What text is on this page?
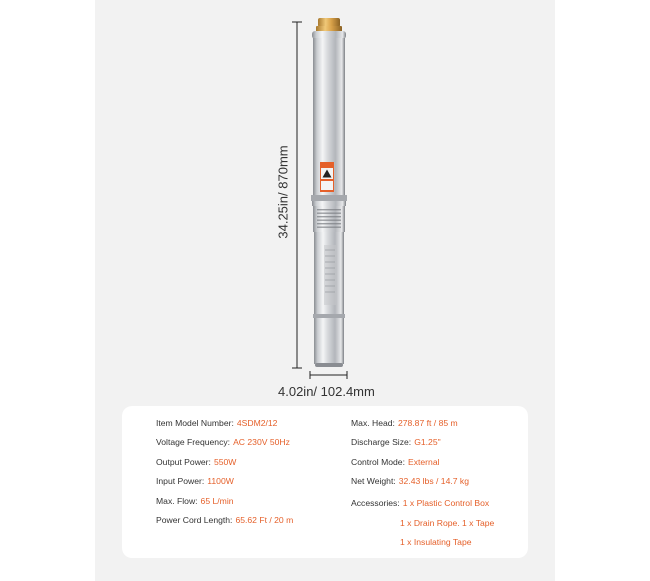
34.25in/ 870mm
4.02in/ 102.4mm
Item Model Number: 4SDM2/12
Voltage Frequency: AC 230V 50Hz
Output Power: 550W
Input Power: 1100W
Max. Flow: 65 L/min
Power Cord Length: 65.62 Ft / 20 m
Max. Head: 278.87 ft / 85 m
Discharge Size: G1.25"
Control Mode: External
Net Weight: 32.43 lbs / 14.7 kg
Accessories: 1 x Plastic Control Box
1 x Drain Rope. 1 x Tape
1 x Insulating Tape
